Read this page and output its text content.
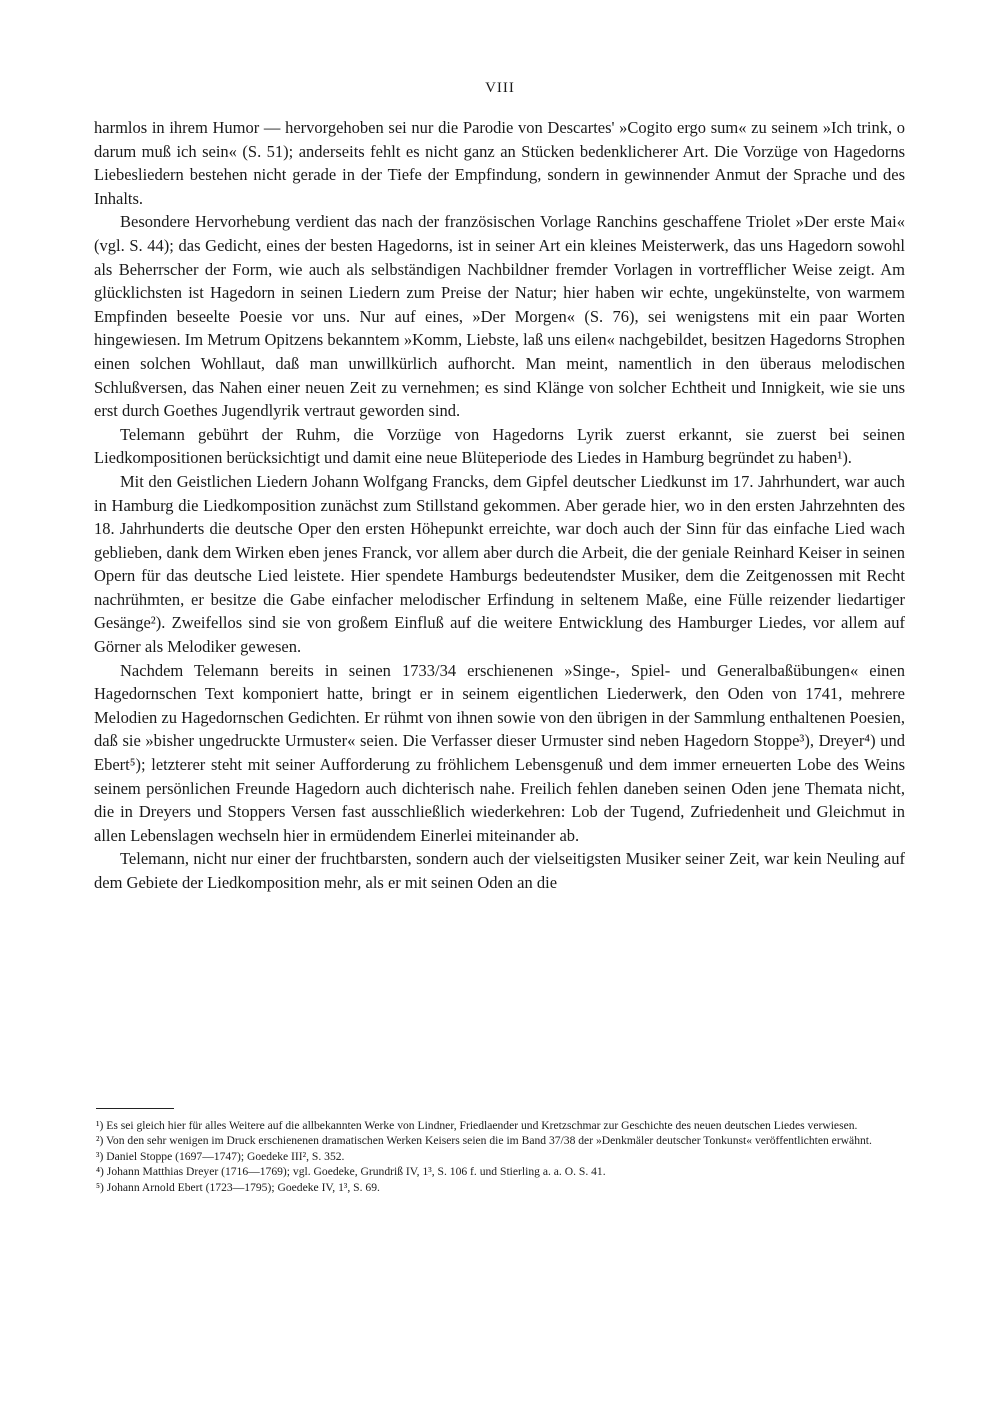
VIII

harmlos in ihrem Humor — hervorgehoben sei nur die Parodie von Descartes' »Cogito ergo sum« zu seinem »Ich trink, o darum muß ich sein« (S. 51); anderseits fehlt es nicht ganz an Stücken bedenklicherer Art. Die Vorzüge von Hagedorns Liebesliedern bestehen nicht gerade in der Tiefe der Empfindung, sondern in gewinnender Anmut der Sprache und des Inhalts.

Besondere Hervorhebung verdient das nach der französischen Vorlage Ranchins geschaffene Triolet »Der erste Mai« (vgl. S. 44); das Gedicht, eines der besten Hagedorns, ist in seiner Art ein kleines Meisterwerk, das uns Hagedorn sowohl als Beherrscher der Form, wie auch als selbständigen Nachbildner fremder Vorlagen in vortrefflicher Weise zeigt. Am glücklichsten ist Hagedorn in seinen Liedern zum Preise der Natur; hier haben wir echte, ungekünstelte, von warmem Empfinden beseelte Poesie vor uns. Nur auf eines, »Der Morgen« (S. 76), sei wenigstens mit ein paar Worten hingewiesen. Im Metrum Opitzens bekanntem »Komm, Liebste, laß uns eilen« nachgebildet, besitzen Hagedorns Strophen einen solchen Wohllaut, daß man unwillkürlich aufhorcht. Man meint, namentlich in den überaus melodischen Schlußversen, das Nahen einer neuen Zeit zu vernehmen; es sind Klänge von solcher Echtheit und Innigkeit, wie sie uns erst durch Goethes Jugendlyrik vertraut geworden sind.

Telemann gebührt der Ruhm, die Vorzüge von Hagedorns Lyrik zuerst erkannt, sie zuerst bei seinen Liedkompositionen berücksichtigt und damit eine neue Blüteperiode des Liedes in Hamburg begründet zu haben¹).

Mit den Geistlichen Liedern Johann Wolfgang Francks, dem Gipfel deutscher Liedkunst im 17. Jahrhundert, war auch in Hamburg die Liedkomposition zunächst zum Stillstand gekommen. Aber gerade hier, wo in den ersten Jahrzehnten des 18. Jahrhunderts die deutsche Oper den ersten Höhepunkt erreichte, war doch auch der Sinn für das einfache Lied wach geblieben, dank dem Wirken eben jenes Franck, vor allem aber durch die Arbeit, die der geniale Reinhard Keiser in seinen Opern für das deutsche Lied leistete. Hier spendete Hamburgs bedeutendster Musiker, dem die Zeitgenossen mit Recht nachrühmten, er besitze die Gabe einfacher melodischer Erfindung in seltenem Maße, eine Fülle reizender liedartiger Gesänge²). Zweifellos sind sie von großem Einfluß auf die weitere Entwicklung des Hamburger Liedes, vor allem auf Görner als Melodiker gewesen.

Nachdem Telemann bereits in seinen 1733/34 erschienenen »Singe-, Spiel- und Generalbaßübungen« einen Hagedornschen Text komponiert hatte, bringt er in seinem eigentlichen Liederwerk, den Oden von 1741, mehrere Melodien zu Hagedornschen Gedichten. Er rühmt von ihnen sowie von den übrigen in der Sammlung enthaltenen Poesien, daß sie »bisher ungedruckte Urmuster« seien. Die Verfasser dieser Urmuster sind neben Hagedorn Stoppe³), Dreyer⁴) und Ebert⁵); letzterer steht mit seiner Aufforderung zu fröhlichem Lebensgenuß und dem immer erneuerten Lobe des Weins seinem persönlichen Freunde Hagedorn auch dichterisch nahe. Freilich fehlen daneben seinen Oden jene Themata nicht, die in Dreyers und Stoppers Versen fast ausschließlich wiederkehren: Lob der Tugend, Zufriedenheit und Gleichmut in allen Lebenslagen wechseln hier in ermüdendem Einerlei miteinander ab.

Telemann, nicht nur einer der fruchtbarsten, sondern auch der vielseitigsten Musiker seiner Zeit, war kein Neuling auf dem Gebiete der Liedkomposition mehr, als er mit seinen Oden an die

¹) Es sei gleich hier für alles Weitere auf die allbekannten Werke von Lindner, Friedlaender und Kretzschmar zur Geschichte des neuen deutschen Liedes verwiesen.

²) Von den sehr wenigen im Druck erschienenen dramatischen Werken Keisers seien die im Band 37/38 der »Denkmäler deutscher Tonkunst« veröffentlichten erwähnt.

³) Daniel Stoppe (1697—1747); Goedeke III², S. 352.

⁴) Johann Matthias Dreyer (1716—1769); vgl. Goedeke, Grundriß IV, 1³, S. 106 f. und Stierling a. a. O. S. 41.

⁵) Johann Arnold Ebert (1723—1795); Goedeke IV, 1³, S. 69.
